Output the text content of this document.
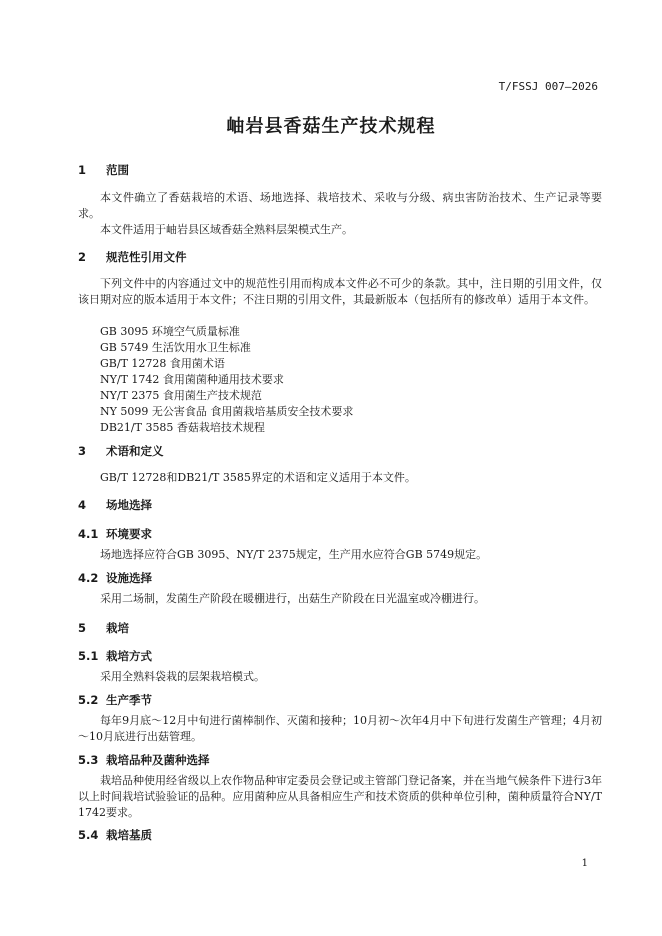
T/FSSJ 007—2026
岫岩县香菇生产技术规程
1 范围
本文件确立了香菇栽培的术语、场地选择、栽培技术、采收与分级、病虫害防治技术、生产记录等要求。
本文件适用于岫岩县区域香菇全熟料层架模式生产。
2 规范性引用文件
下列文件中的内容通过文中的规范性引用而构成本文件必不可少的条款。其中，注日期的引用文件，仅该日期对应的版本适用于本文件；不注日期的引用文件，其最新版本（包括所有的修改单）适用于本文件。
GB 3095 环境空气质量标准
GB 5749 生活饮用水卫生标准
GB/T 12728 食用菌术语
NY/T 1742 食用菌菌种通用技术要求
NY/T 2375 食用菌生产技术规范
NY 5099 无公害食品 食用菌栽培基质安全技术要求
DB21/T 3585 香菇栽培技术规程
3 术语和定义
GB/T 12728和DB21/T 3585界定的术语和定义适用于本文件。
4 场地选择
4.1 环境要求
场地选择应符合GB 3095、NY/T 2375规定，生产用水应符合GB 5749规定。
4.2 设施选择
采用二场制，发菌生产阶段在暖棚进行，出菇生产阶段在日光温室或冷棚进行。
5 栽培
5.1 栽培方式
采用全熟料袋栽的层架栽培模式。
5.2 生产季节
每年9月底～12月中旬进行菌棒制作、灭菌和接种；10月初～次年4月中下旬进行发菌生产管理；4月初～10月底进行出菇管理。
5.3 栽培品种及菌种选择
栽培品种使用经省级以上农作物品种审定委员会登记或主管部门登记备案，并在当地气候条件下进行3年以上时间栽培试验验证的品种。应用菌种应从具备相应生产和技术资质的供种单位引种，菌种质量符合NY/T 1742要求。
5.4 栽培基质
1
